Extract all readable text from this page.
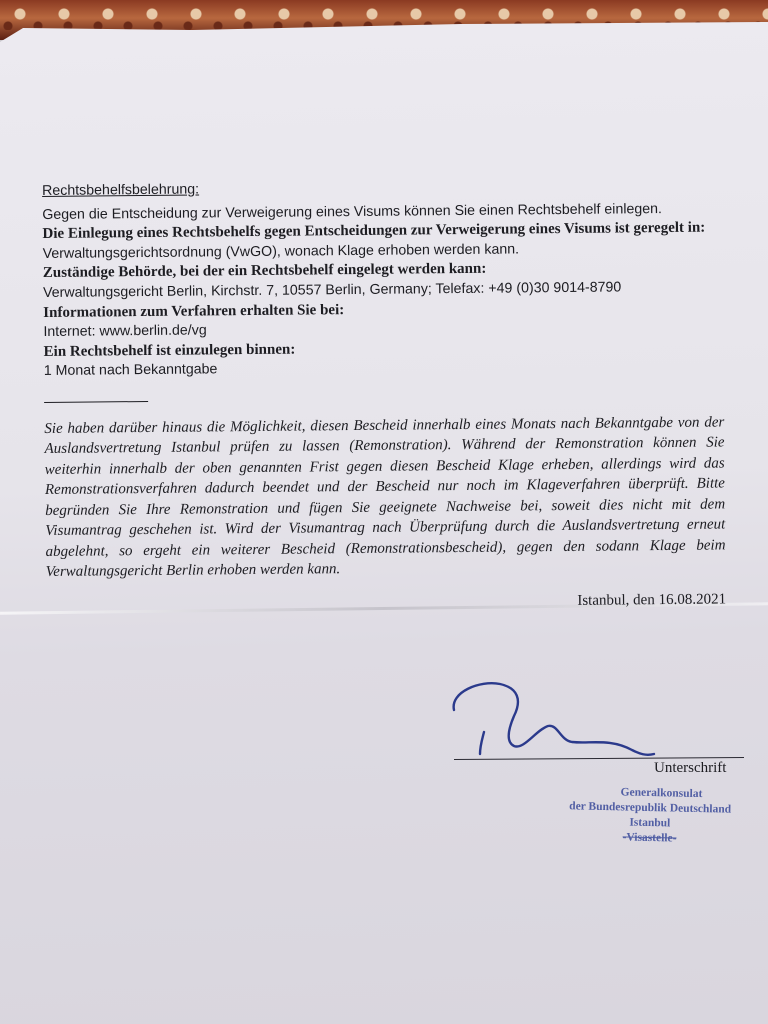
Rechtsbehelfsbelehrung:

Gegen die Entscheidung zur Verweigerung eines Visums können Sie einen Rechtsbehelf einlegen.

Die Einlegung eines Rechtsbehelfs gegen Entscheidungen zur Verweigerung eines Visums ist geregelt in:

Verwaltungsgerichtsordnung (VwGO), wonach Klage erhoben werden kann.

Zuständige Behörde, bei der ein Rechtsbehelf eingelegt werden kann:

Verwaltungsgericht Berlin, Kirchstr. 7, 10557 Berlin, Germany; Telefax: +49 (0)30 9014-8790

Informationen zum Verfahren erhalten Sie bei:

Internet: www.berlin.de/vg

Ein Rechtsbehelf ist einzulegen binnen:

1 Monat nach Bekanntgabe

Sie haben darüber hinaus die Möglichkeit, diesen Bescheid innerhalb eines Monats nach Bekanntgabe von der Auslandsvertretung Istanbul prüfen zu lassen (Remonstration). Während der Remonstration können Sie weiterhin innerhalb der oben genannten Frist gegen diesen Bescheid Klage erheben, allerdings wird das Remonstrationsverfahren dadurch beendet und der Bescheid nur noch im Klageverfahren überprüft. Bitte begründen Sie Ihre Remonstration und fügen Sie geeignete Nachweise bei, soweit dies nicht mit dem Visumantrag geschehen ist. Wird der Visumantrag nach Überprüfung durch die Auslandsvertretung erneut abgelehnt, so ergeht ein weiterer Bescheid (Remonstrationsbescheid), gegen den sodann Klage beim Verwaltungsgericht Berlin erhoben werden kann.

Istanbul, den 16.08.2021

Unterschrift
Generalkonsulat
der Bundesrepublik Deutschland
Istanbul
-Visastelle-
